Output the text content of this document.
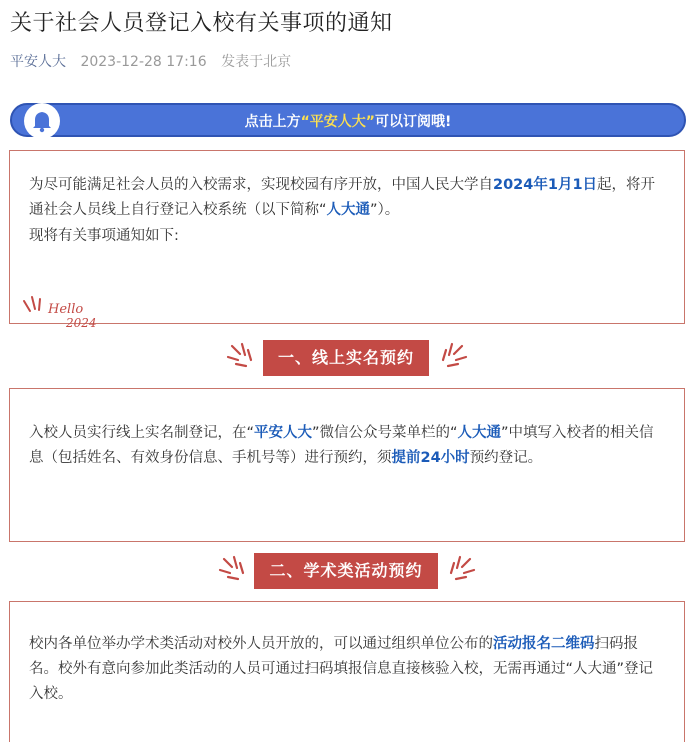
关于社会人员登记入校有关事项的通知
平安人大 2023-12-28 17:16 发表于北京
点击上方“平安人大”可以订阅哦!

为尽可能满足社会人员的入校需求，实现校园有序开放，中国人民大学自2024年1月1日起，将开通社会人员线上自行登记入校系统（以下简称“人大通”）。

现将有关事项通知如下:

Hello
2024
一、线上实名预约

入校人员实行线上实名制登记，在“平安人大”微信公众号菜单栏的“人大通”中填写入校者的相关信息（包括姓名、有效身份信息、手机号等）进行预约，须提前24小时预约登记。

二、学术类活动预约

校内各单位举办学术类活动对校外人员开放的，可以通过组织单位公布的活动报名二维码扫码报名。校外有意向参加此类活动的人员可通过扫码填报信息直接核验入校，无需再通过“人大通”登记入校。
